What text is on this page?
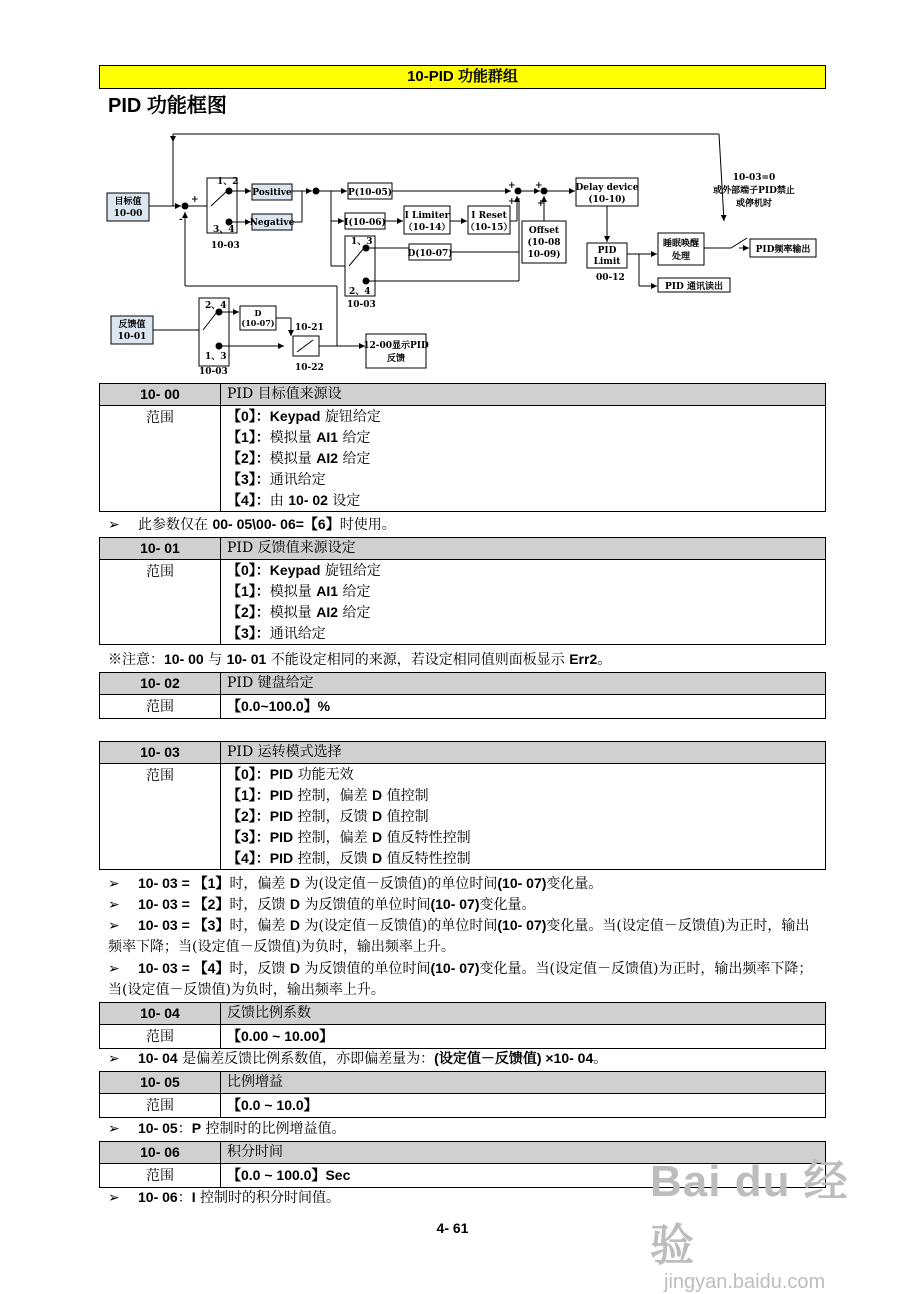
10-PID 功能群组
PID 功能框图
目标值
10-00
+
-
1、2
3、4
10-03
Positive
Negative
P(10-05)
I(10-06)
I Limiter
（10-14）
I Reset
（10-15）
1、3
2、4
10-03
D(10-07)
+
+
+
+
Offset
(10-08
10-09)
Delay device
(10-10)
PID
Limit
00-12
睡眠唤醒
处理
PID 通讯读出
10-03=0
或外部端子PID禁止
或停机时
PID频率输出
反馈值
10-01
2、4
1、3
10-03
D
(10-07) 10-21
10-22
12-00显示PID
反馈
10- 00	PID 目标值来源设
范围	【0】：Keypad 旋钮给定
【1】：模拟量 AI1 给定
【2】：模拟量 AI2 给定
【3】：通讯给定
【4】：由 10- 02 设定
➢ 此参数仅在 00- 05\00- 06=【6】时使用。
10- 01	PID 反馈值来源设定
范围	【0】：Keypad 旋钮给定
【1】：模拟量 AI1 给定
【2】：模拟量 AI2 给定
【3】：通讯给定
※注意：10- 00 与 10- 01 不能设定相同的来源，若设定相同值则面板显示 Err2。
10- 02	PID 键盘给定
范围	【0.0~100.0】%
10- 03	PID 运转模式选择
范围	【0】：PID 功能无效
【1】：PID 控制，偏差 D 值控制
【2】：PID 控制，反馈 D 值控制
【3】：PID 控制，偏差 D 值反特性控制
【4】：PID 控制，反馈 D 值反特性控制
➢ 10- 03 = 【1】时，偏差 D 为(设定值－反馈值)的单位时间(10- 07)变化量。
➢ 10- 03 = 【2】时，反馈 D 为反馈值的单位时间(10- 07)变化量。
➢ 10- 03 = 【3】时，偏差 D 为(设定值－反馈值)的单位时间(10- 07)变化量。当(设定值－反馈值)为正时，输出频率下降；当(设定值－反馈值)为负时，输出频率上升。
➢ 10- 03 = 【4】时，反馈 D 为反馈值的单位时间(10- 07)变化量。当(设定值－反馈值)为正时，输出频率下降；当(设定值－反馈值)为负时，输出频率上升。
10- 04	反馈比例系数
范围	【0.00 ~ 10.00】
➢ 10- 04 是偏差反馈比例系数值，亦即偏差量为：(设定值－反馈值) ×10- 04。
10- 05	比例增益
范围	【0.0 ~ 10.0】
➢ 10- 05：P 控制时的比例增益值。
10- 06	积分时间
范围	【0.0 ~ 100.0】Sec
➢ 10- 06：I 控制时的积分时间值。
4- 61
Bai du 经验
jingyan.baidu.com
